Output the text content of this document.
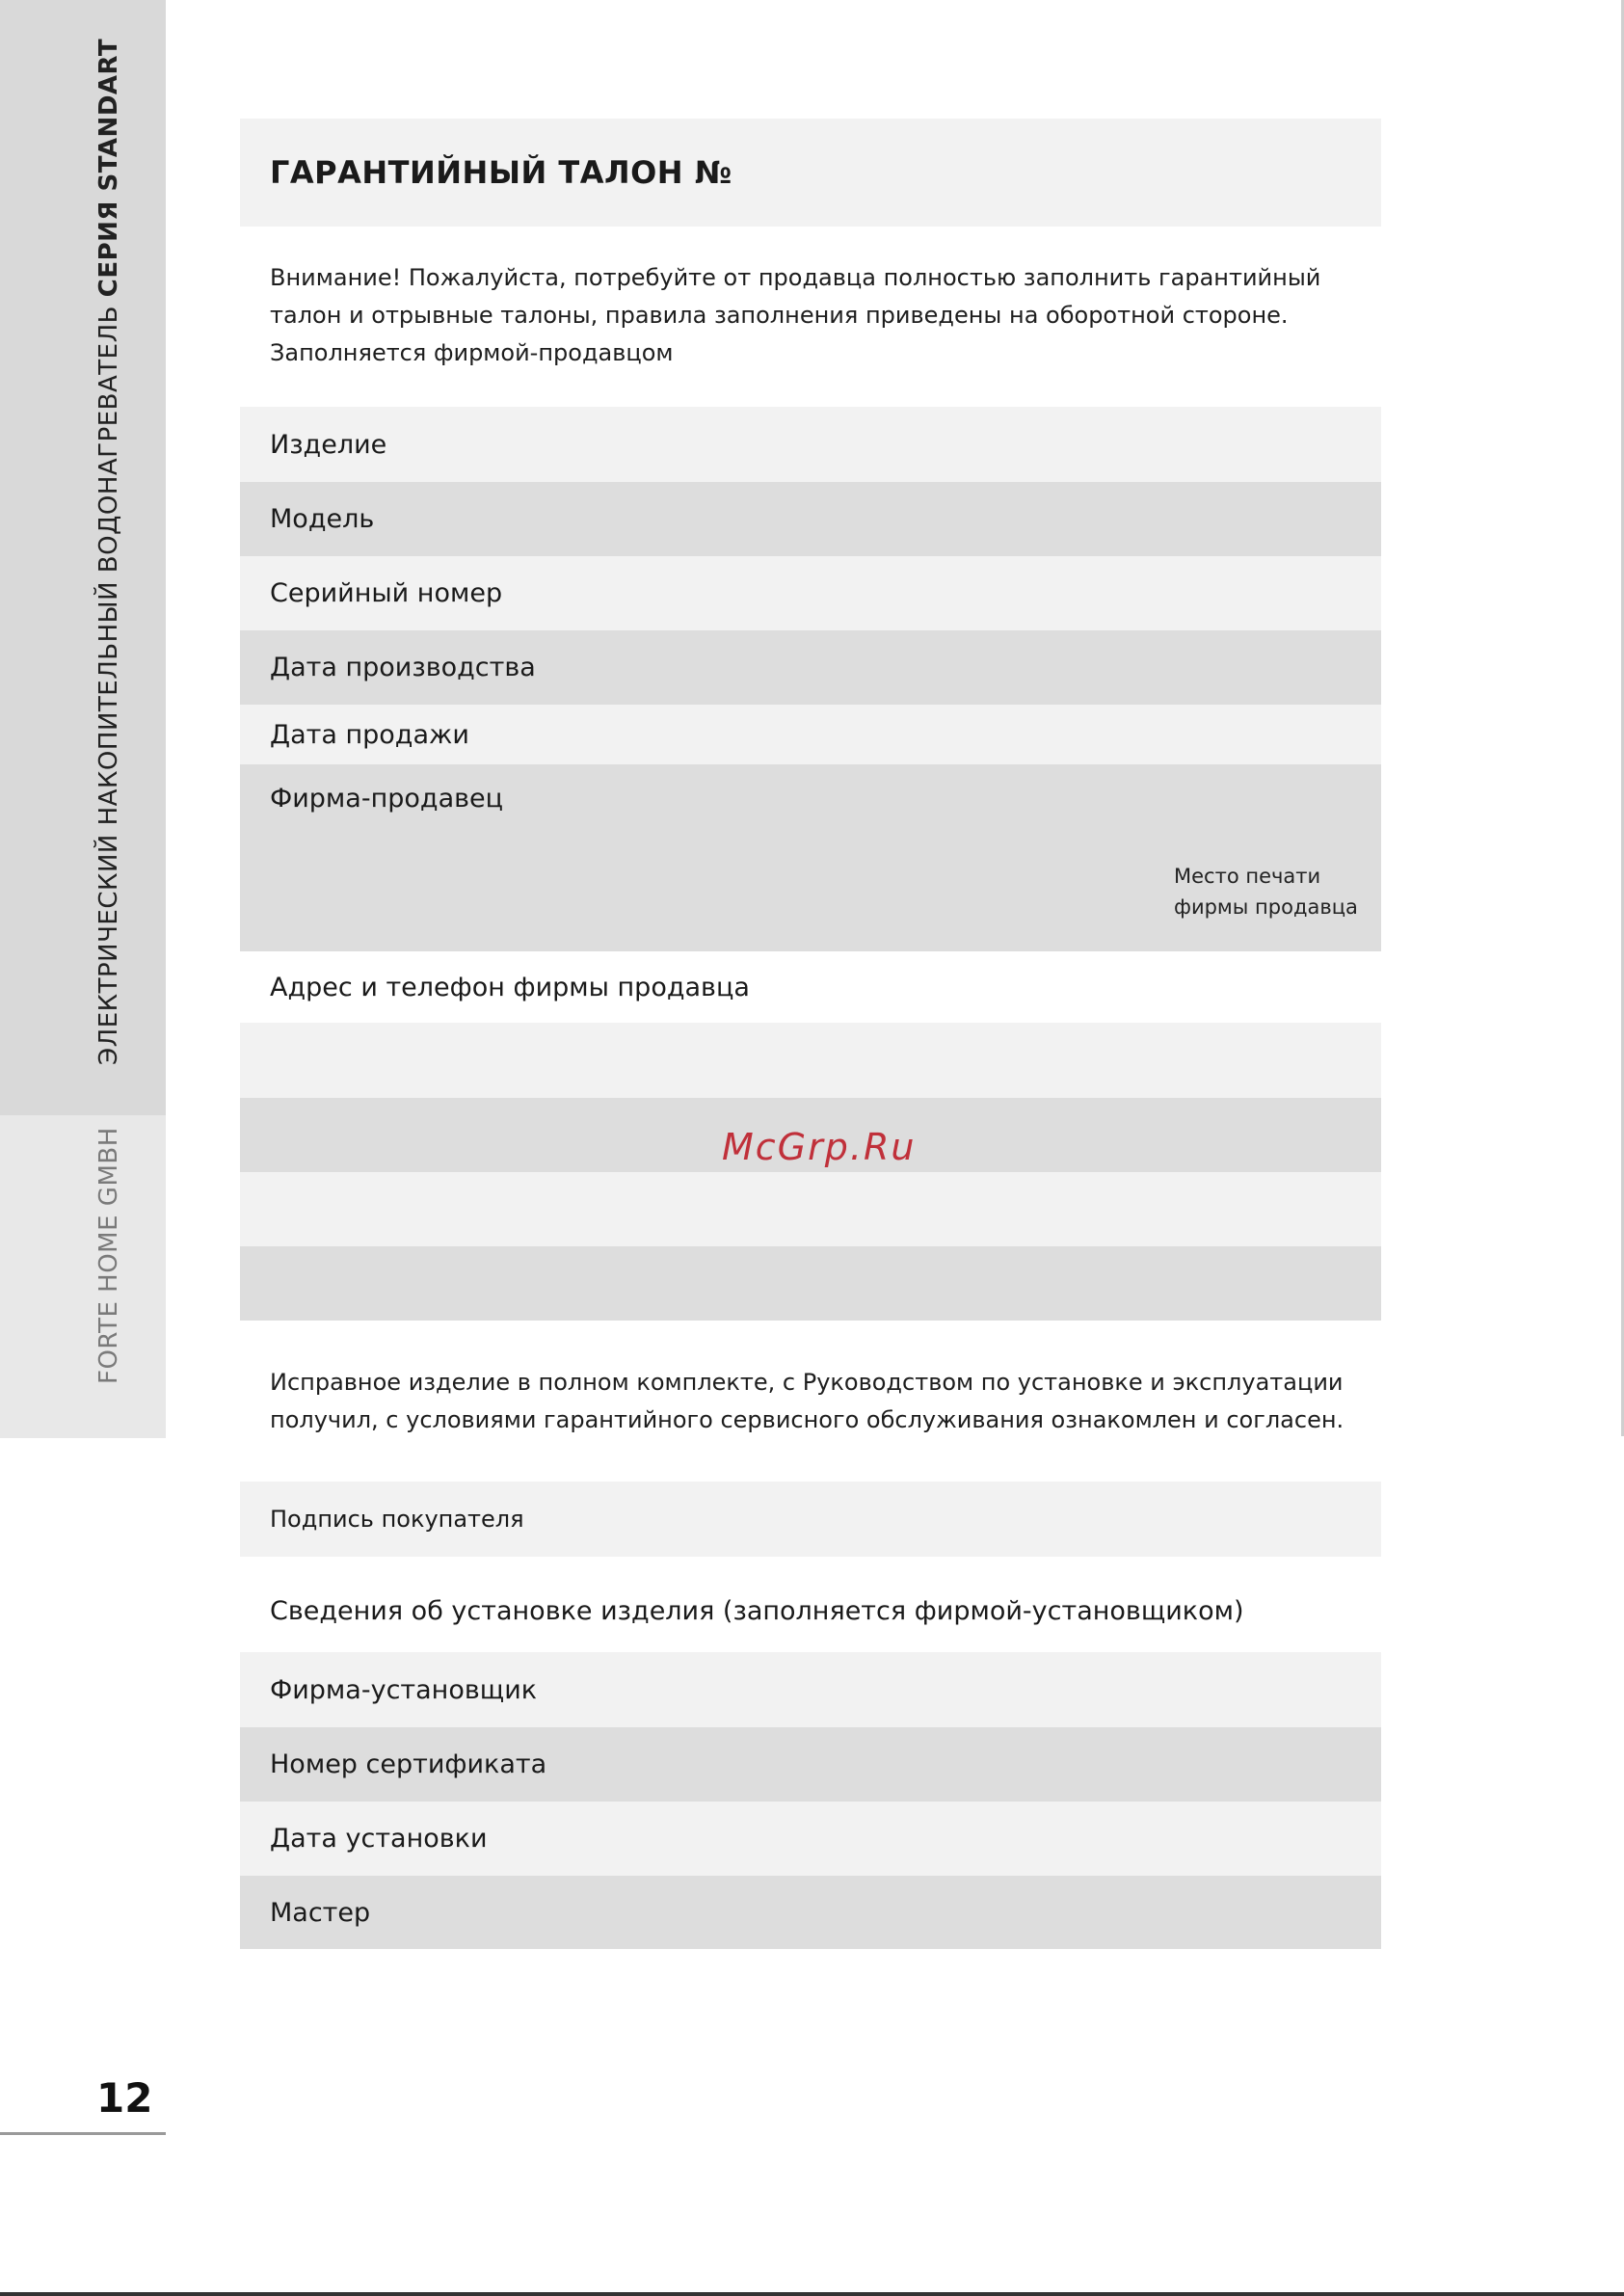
ЭЛЕКТРИЧЕСКИЙ НАКОПИТЕЛЬНЫЙ ВОДОНАГРЕВАТЕЛЬ СЕРИЯ STANDART
FORTE HOME GMBH
12
ГАРАНТИЙНЫЙ ТАЛОН №
Внимание! Пожалуйста, потребуйте от продавца полностью заполнить гарантийный
талон и отрывные талоны, правила заполнения приведены на оборотной стороне.
Заполняется фирмой-продавцом
Изделие
Модель
Серийный номер
Дата производства
Дата продажи
Фирма-продавец
Место печати
фирмы продавца
Адрес и телефон фирмы продавца
McGrp.Ru
Исправное изделие в полном комплекте, с Руководством по установке и эксплуатации
получил, с условиями гарантийного сервисного обслуживания ознакомлен и согласен.
Подпись покупателя
Сведения об установке изделия (заполняется фирмой-установщиком)
Фирма-установщик
Номер сертификата
Дата установки
Мастер
